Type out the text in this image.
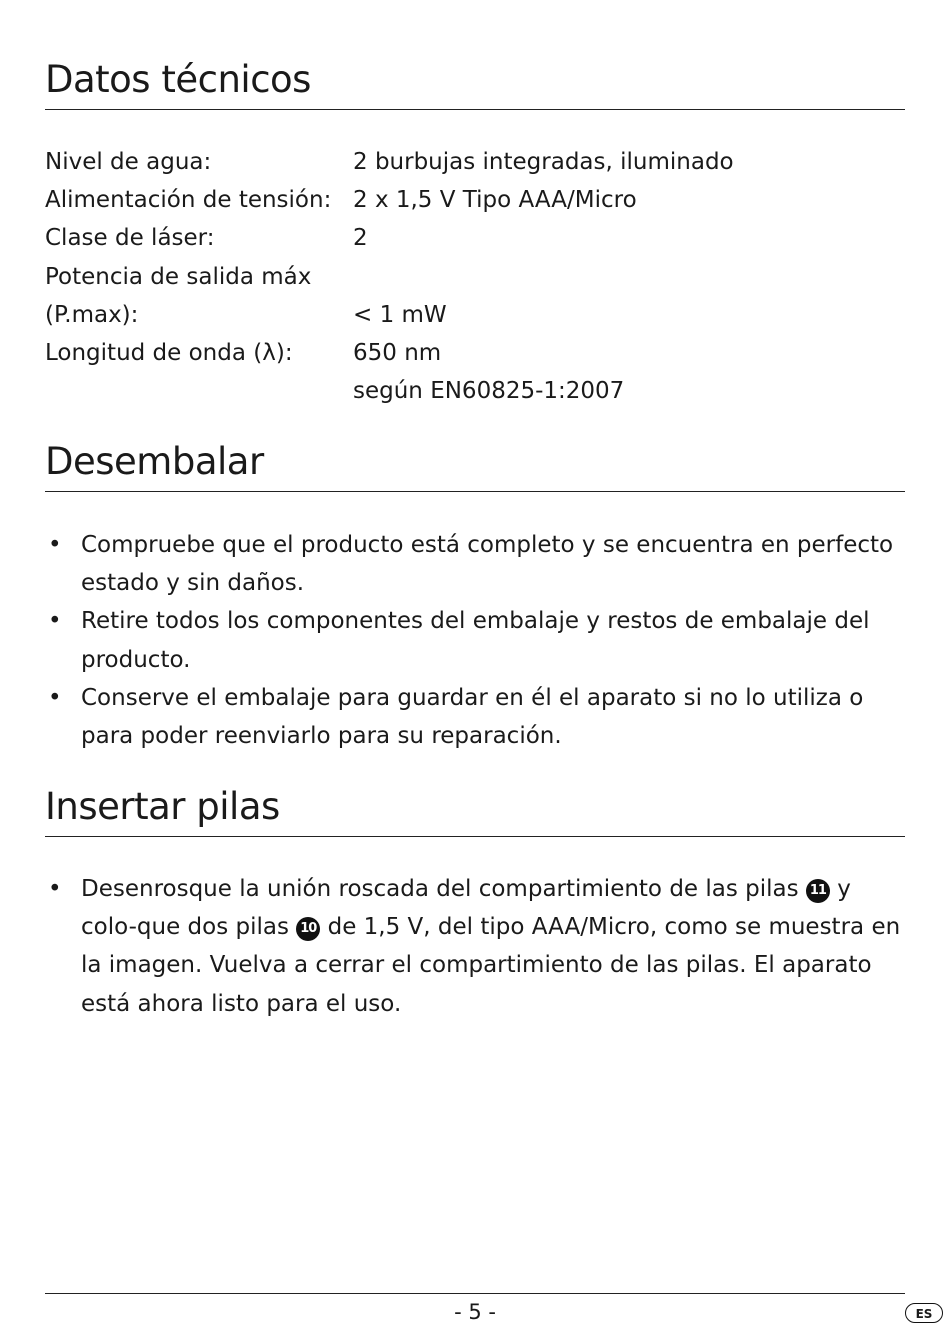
Datos técnicos
Nivel de agua:	2 burbujas integradas, iluminado
Alimentación de tensión: 2 x 1,5 V Tipo AAA/Micro
Clase de láser:	2
Potencia de salida máx
(P.max):	< 1 mW
Longitud de onda (λ):	650 nm
según EN60825-1:2007
Desembalar
• Compruebe que el producto está completo y se encuentra en perfecto estado y sin daños.
• Retire todos los componentes del embalaje y restos de embalaje del producto.
• Conserve el embalaje para guardar en él el aparato si no lo utiliza o para poder reenviarlo para su reparación.
Insertar pilas
• Desenrosque la unión roscada del compartimiento de las pilas 11 y colo-que dos pilas 10 de 1,5 V, del tipo AAA/Micro, como se muestra en la imagen. Vuelva a cerrar el compartimiento de las pilas. El aparato está ahora listo para el uso.
- 5 -	ES
